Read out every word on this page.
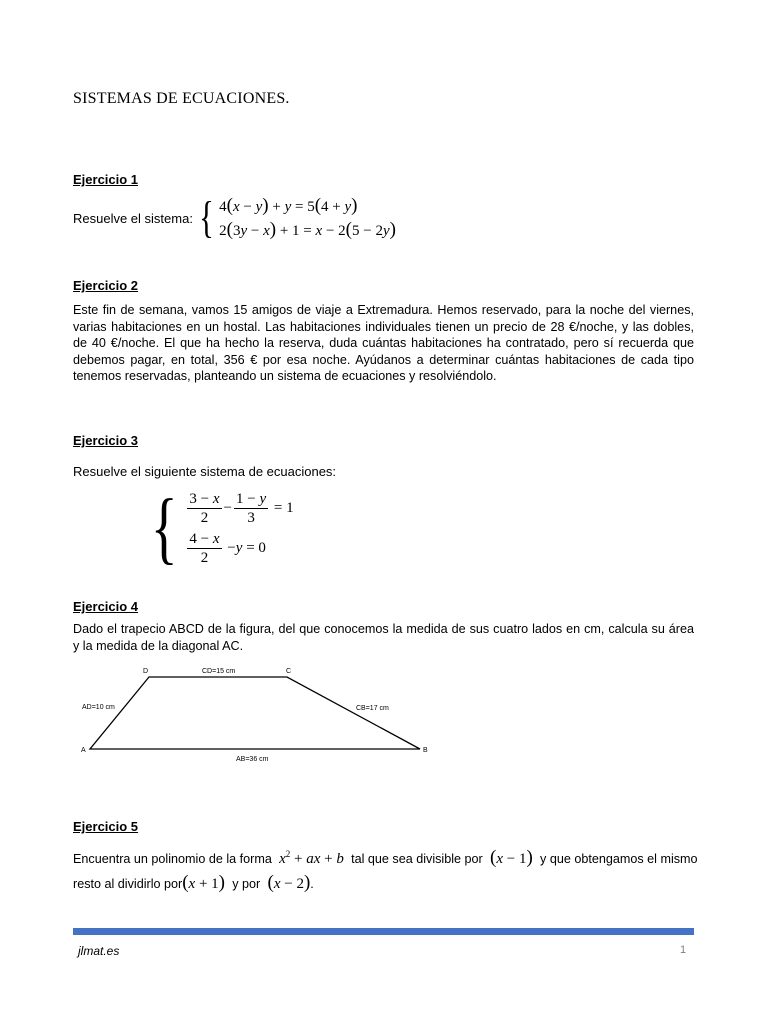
SISTEMAS DE ECUACIONES.
Ejercicio 1
Resuelve el sistema: { 4(x − y) + y = 5(4 + y)
2(3y − x) + 1 = x − 2(5 − 2y)
Ejercicio 2
Este fin de semana, vamos 15 amigos de viaje a Extremadura. Hemos reservado, para la noche del viernes, varias habitaciones en un hostal. Las habitaciones individuales tienen un precio de 28 €/noche, y las dobles, de 40 €/noche. El que ha hecho la reserva, duda cuántas habitaciones ha contratado, pero sí recuerda que debemos pagar, en total, 356 € por esa noche. Ayúdanos a determinar cuántas habitaciones de cada tipo tenemos reservadas, planteando un sistema de ecuaciones y resolviéndolo.
Ejercicio 3
Resuelve el siguiente sistema de ecuaciones:
{ $\frac{3 - x}{2} - \frac{1 - y}{3} = 1$
$\frac{4 - x}{2} - y = 0$
Ejercicio 4
Dado el trapecio ABCD de la figura, del que conocemos la medida de sus cuatro lados en cm, calcula su área y la medida de la diagonal AC.
A	B
C
D	CD=15 cm
AD=10 cm	CB=17 cm
AB=36 cm
Ejercicio 5
Encuentra un polinomio de la forma $x^2$ + ax + b tal que sea divisible por (x − 1) y que obtengamos el mismo
resto al dividirlo por(x + 1) y por (x − 2).
jlmat.es	1
